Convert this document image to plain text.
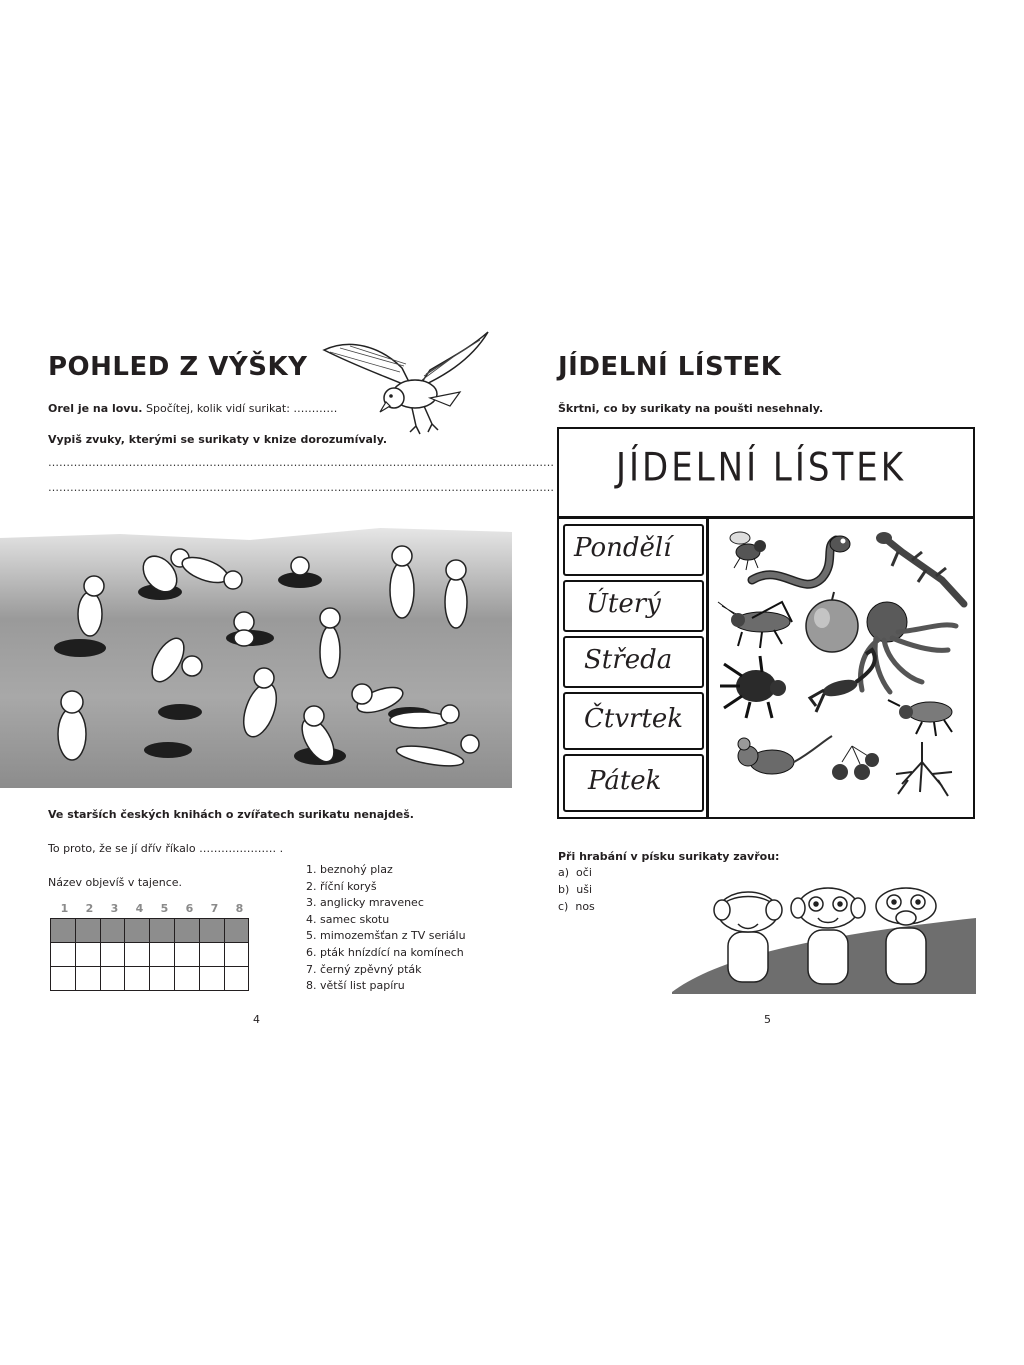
POHLED Z VÝŠKY
Orel je na lovu. Spočítej, kolik vidí surikat: …………
Vypiš zvuky, kterými se surikaty v knize dorozumívaly.
…………………………………………………………………………………………………………………………
…………………………………………………………………………………………………………………………
Ve starších českých knihách o zvířatech surikatu nenajdeš.
To proto, že se jí dřív říkalo ………………… .
Název objevíš v tajence.
1	2	3	4	5	6	7	8

1. beznohý plaz
2. říční koryš
3. anglicky mravenec
4. samec skotu
5. mimozemšťan z TV seriálu
6. pták hnízdící na komínech
7. černý zpěvný pták
8. větší list papíru
4
JÍDELNÍ LÍSTEK
Škrtni, co by surikaty na poušti nesehnaly.
JÍDELNÍ LÍSTEK
Pondělí
Úterý
Středa
Čtvrtek
Pátek
Při hrabání v písku surikaty zavřou:
a) oči
b) uši
c) nos
5
